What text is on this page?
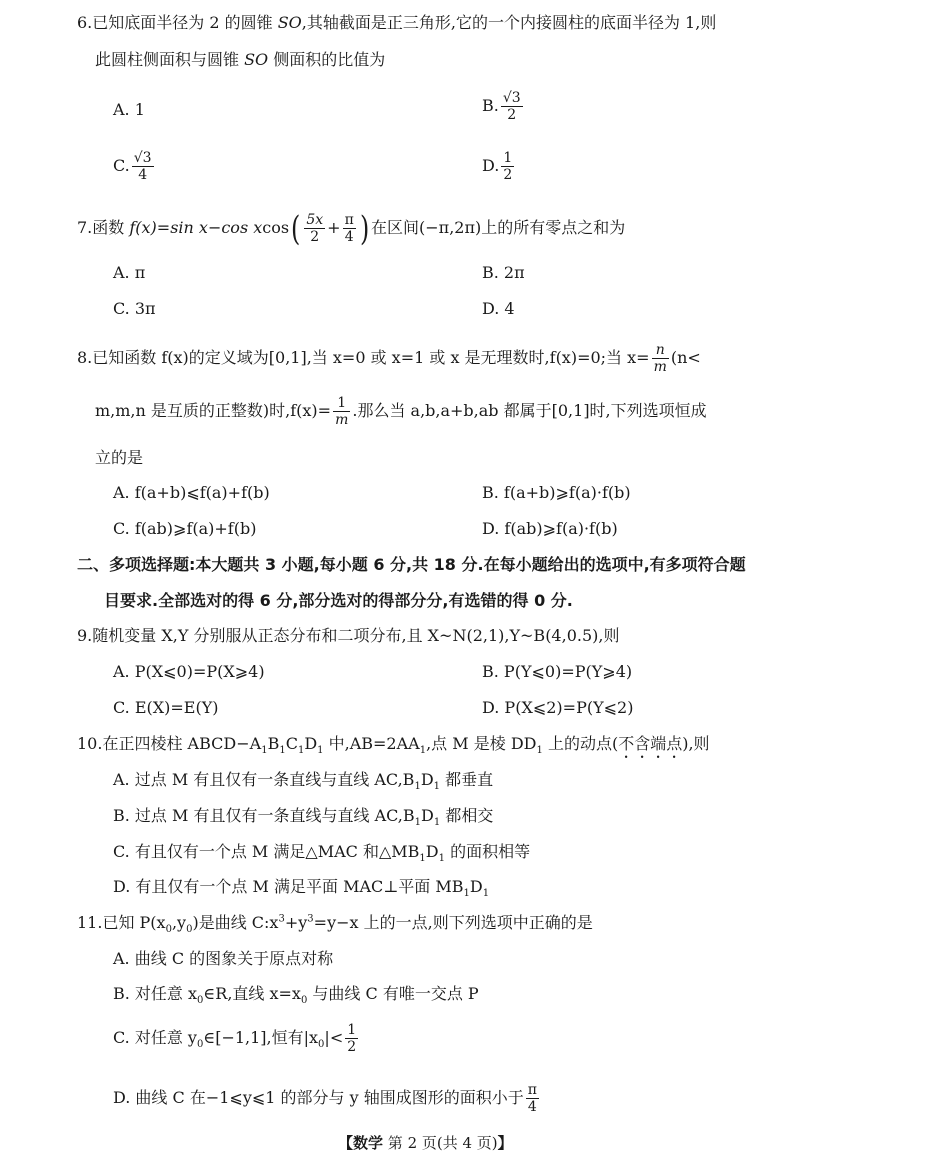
6.已知底面半径为 2 的圆锥 SO,其轴截面是正三角形,它的一个内接圆柱的底面半径为 1,则
此圆柱侧面积与圆锥 SO 侧面积的比值为
A. 1	B. $\frac{√3}{2}$
C. $\frac{√3}{4}$	D. $\frac{1}{2}$
7.函数 f(x)=sin x−cos $xcos( \frac{5x}{2} + \frac{\pi}{4}$ ) 在区间(−π,2π)上的所有零点之和为
A. π	B. 2π
C. 3π	D. 4
8.已知函数 f(x)的定义域为[0,1],当 x=0 或 x=1 或 x 是无理数时,f(x)=0;当 $x= \frac{n}{m} (n<$
m,m,n 是互质的正整数)时$,f(x)= \frac{1}{m}$ .那么当 a,b,a+b,ab 都属于[0,1]时,下列选项恒成
立的是
A. f(a+b)⩽f(a)+f(b)	B. f(a+b)⩾f(a)·f(b)
C. f(ab)⩾f(a)+f(b)	D. f(ab)⩾f(a)·f(b)
二、多项选择题:本大题共 3 小题,每小题 6 分,共 18 分.在每小题给出的选项中,有多项符合题
目要求.全部选对的得 6 分,部分选对的得部分分,有选错的得 0 分.
9.随机变量 X,Y 分别服从正态分布和二项分布,且 X~N(2,1),Y~B(4,0.5),则
A. P(X⩽0)=P(X⩾4)	B. P(Y⩽0)=P(Y⩾4)
C. E(X)=E(Y)	D. P(X⩽2)=P(Y⩽2)
10.在正四棱柱 $ABCD-A_1B_1C_1D_1$ 中$,AB=2AA_1$,点 M 是棱 $DD_1$ 上的动点(不含端点),则
A. 过点 M 有且仅有一条直线与直线 $AC,B_1D_1$ 都垂直
B. 过点 M 有且仅有一条直线与直线 $AC,B_1D_1$ 都相交
C. 有且仅有一个点 M 满足△MAC 和$\triangle MB_1D_1$ 的面积相等
D. 有且仅有一个点 M 满足平面 MAC⊥平面 $MB_1D_1$
11.已知 $P(x_0,y_0)$是曲线 $C:x^3+y^3=y-x$ 上的一点,则下列选项中正确的是
A. 曲线 C 的图象关于原点对称
B. 对任意 $x_0\in R$,直线 $x=x_0$ 与曲线 C 有唯一交点 P
C. 对任意 $y_0\in[-1,1]$,恒有$|x_0|< \frac{1}{2}$
D. 曲线 C 在−1⩽y⩽1 的部分与 y 轴围成图形的面积小于 $\frac{\pi}{4}$
【数学 第 2 页(共 4 页)】
